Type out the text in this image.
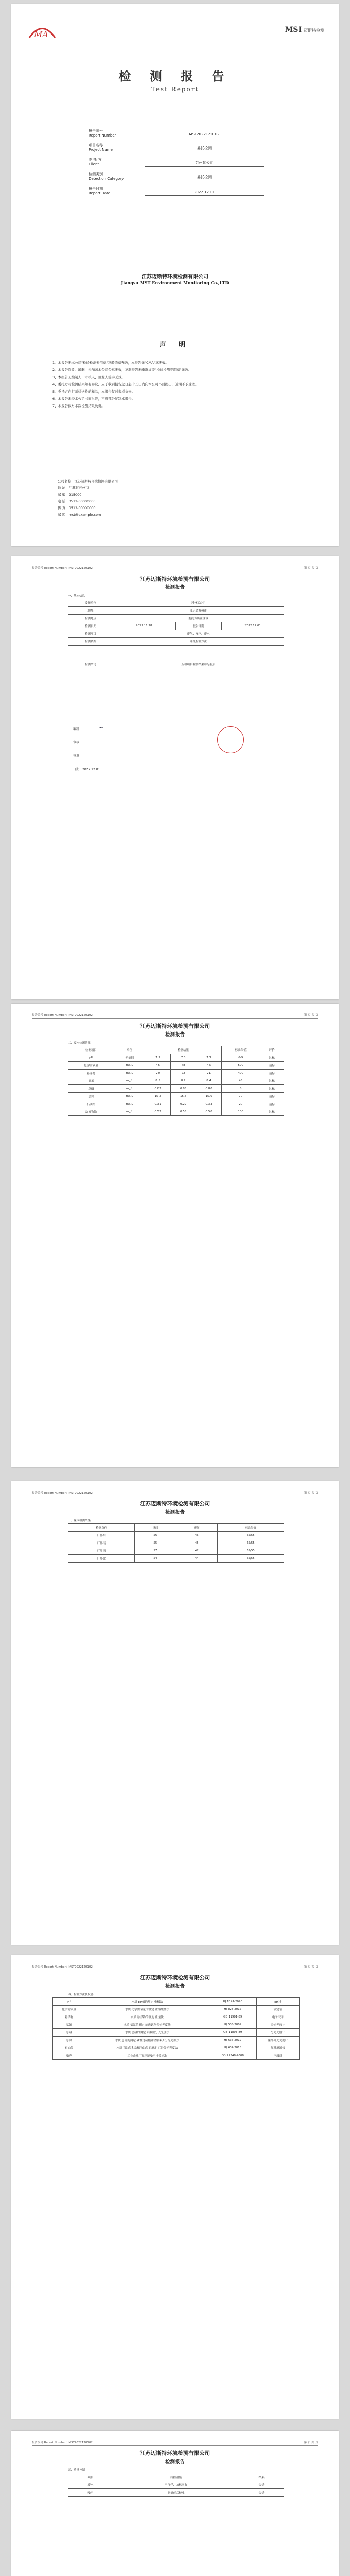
MA	MSI 迈斯特检测
检 测 报 告
Test Report
报告编号
Report Number	MST2022120102
项目名称
Project Name	委托检测
委 托 方
Client	苏州某公司
检测类别
Detection Category	委托检测
报告日期
Report Date	2022.12.01
江苏迈斯特环境检测有限公司
Jiangsu MST Environment Monitoring Co.,LTD
声 明

1、本报告无本公司"检验检测专用章"及骑缝章无效，本报告无"CMA"章无效。

2、本报告涂改、增删、未加盖本公司公章无效，复制报告未重新加盖"检验检测专用章"无效。

3、本报告无编制人、审核人、签发人签字无效。

4、委托方对检测结果如有异议，应于收到报告之日起十五日内向本公司书面提出，逾期不予受理。

5、委托方自行采样送检的样品，本报告仅对来样负责。

6、本报告未经本公司书面批准，不得部分复制本报告。

7、本报告仅对本次检测结果负责。

公司名称：江苏迈斯特环境检测有限公司
地 址：江苏省苏州市
邮 编：215000
电 话：0512-00000000
传 真：0512-00000000
邮 箱：mst@example.com
报告编号 Report Number：MST2022120102	第 页 共 页
江苏迈斯特环境检测有限公司
检测报告
一、基本信息
委托单位	苏州某公司		
地址	江苏省苏州市		
检测地点	委托方所在区域		
检测日期	2022.11.28	报告日期	2022.12.01
检测项目	废气、噪声、废水		
检测依据	详见检测方法		
检测结论	所检项目检测结果详见报告		
编制：
审核：
签发：
日期：2022.12.01
~
报告编号 Report Number：MST2022120102	第 页 共 页
江苏迈斯特环境检测有限公司
检测报告
二、废水检测结果
检测项目	单位	检测结果			标准限值	评价
pH	无量纲	7.2	7.3	7.1	6-9	达标
化学需氧量	mg/L	45	48	46	500	达标
悬浮物	mg/L	20	22	21	400	达标
氨氮	mg/L	8.5	8.7	8.4	45	达标
总磷	mg/L	0.82	0.85	0.80	8	达标
总氮	mg/L	15.2	15.6	15.0	70	达标
石油类	mg/L	0.31	0.29	0.33	20	达标
动植物油	mg/L	0.52	0.55	0.50	100	达标
报告编号 Report Number：MST2022120102	第 页 共 页
江苏迈斯特环境检测有限公司
检测报告
三、噪声检测结果
检测点位	昼间	夜间	标准限值
厂界东	56	46	65/55
厂界南	55	45	65/55
厂界西	57	47	65/55
厂界北	54	44	65/55
报告编号 Report Number：MST2022120102	第 页 共 页
江苏迈斯特环境检测有限公司
检测报告
四、检测方法及仪器
pH	水质 pH值的测定 电极法	HJ 1147-2020	pH计
化学需氧量	水质 化学需氧量的测定 重铬酸盐法	HJ 828-2017	滴定管
悬浮物	水质 悬浮物的测定 重量法	GB 11901-89	电子天平
氨氮	水质 氨氮的测定 纳氏试剂分光光度法	HJ 535-2009	分光光度计
总磷	水质 总磷的测定 钼酸铵分光光度法	GB 11893-89	分光光度计
总氮	水质 总氮的测定 碱性过硫酸钾消解紫外分光光度法	HJ 636-2012	紫外分光光度计
石油类	水质 石油类和动植物油类的测定 红外分光光度法	HJ 637-2018	红外测油仪
噪声	工业企业厂界环境噪声排放标准	GB 12348-2008	声级计
报告编号 Report Number：MST2022120102	第 页 共 页
江苏迈斯特环境检测有限公司
检测报告
五、质量控制
项目	质控措施	结果
废水	平行样、加标回收	合格
噪声	测量前后校准	合格
